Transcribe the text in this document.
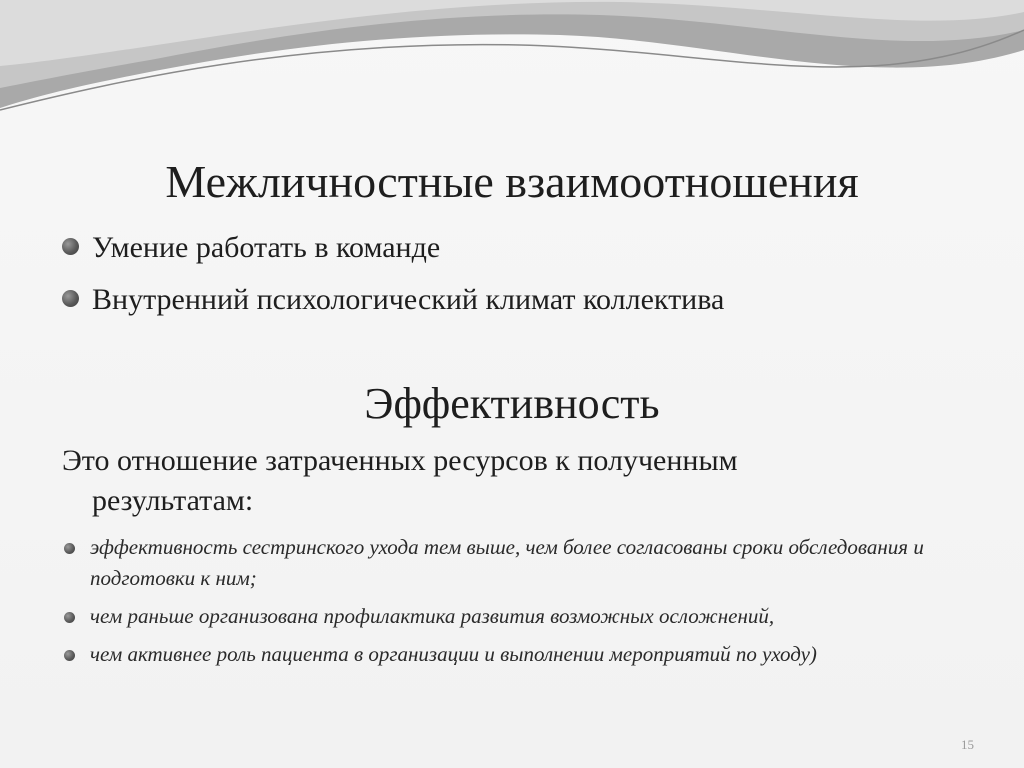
Межличностные взаимоотношения
Умение работать в команде
Внутренний психологический климат коллектива
Эффективность

Это отношение затраченных ресурсов к полученным
результатам:

эффективность сестринского ухода тем выше, чем более согласованы сроки обследования и подготовки к ним;
чем раньше организована профилактика развития возможных осложнений,
чем активнее роль пациента в организации и выполнении мероприятий по уходу)
15
